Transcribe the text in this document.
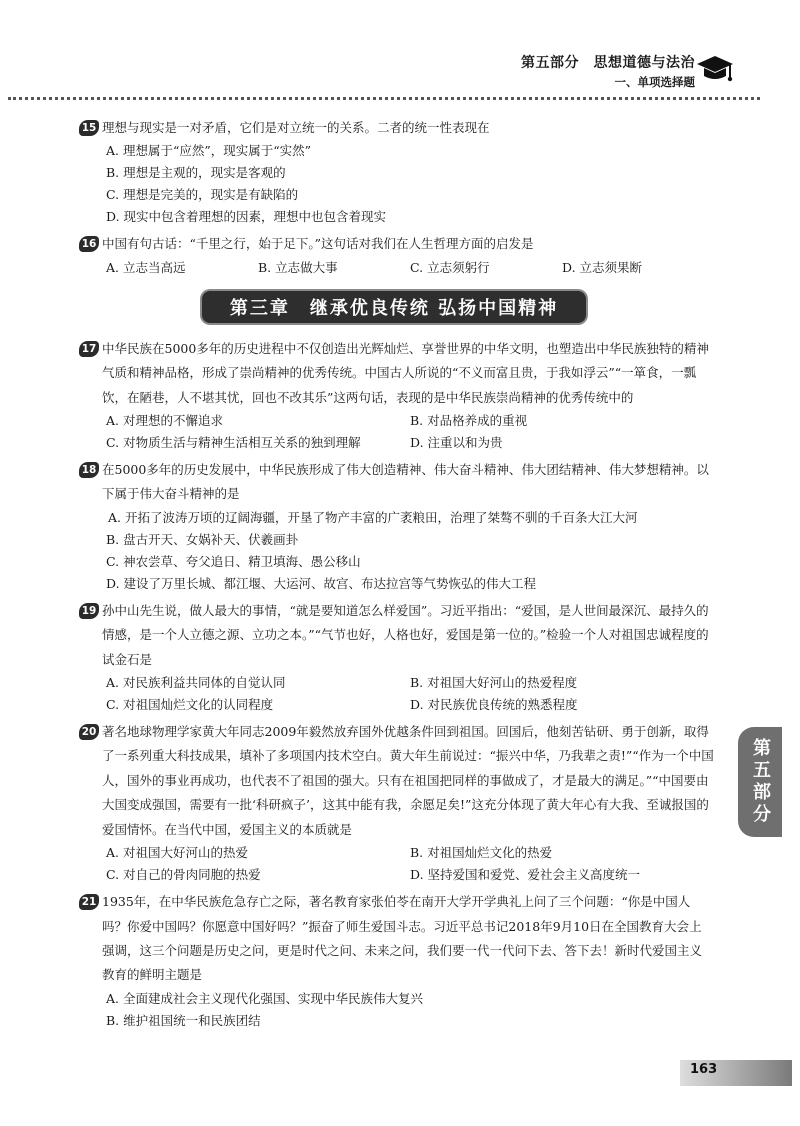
第五部分　思想道德与法治
一、单项选择题
15 理想与现实是一对矛盾，它们是对立统一的关系。二者的统一性表现在
A. 理想属于“应然”，现实属于“实然”
B. 理想是主观的，现实是客观的
C. 理想是完美的，现实是有缺陷的
D. 现实中包含着理想的因素，理想中也包含着现实
16 中国有句古话：“千里之行，始于足下。”这句话对我们在人生哲理方面的启发是
A. 立志当高远	B. 立志做大事	C. 立志须躬行	D. 立志须果断
第三章　继承优良传统 弘扬中国精神
17 中华民族在5000多年的历史进程中不仅创造出光辉灿烂、享誉世界的中华文明，也塑造出中华民族独特的精神气质和精神品格，形成了崇尚精神的优秀传统。中国古人所说的“不义而富且贵，于我如浮云”“一箪食，一瓢饮，在陋巷，人不堪其忧，回也不改其乐”这两句话，表现的是中华民族崇尚精神的优秀传统中的
A. 对理想的不懈追求	B. 对品格养成的重视
C. 对物质生活与精神生活相互关系的独到理解	D. 注重以和为贵
18 在5000多年的历史发展中，中华民族形成了伟大创造精神、伟大奋斗精神、伟大团结精神、伟大梦想精神。以下属于伟大奋斗精神的是
A. 开拓了波涛万顷的辽阔海疆，开垦了物产丰富的广袤粮田，治理了桀骜不驯的千百条大江大河
B. 盘古开天、女娲补天、伏羲画卦
C. 神农尝草、夸父追日、精卫填海、愚公移山
D. 建设了万里长城、都江堰、大运河、故宫、布达拉宫等气势恢弘的伟大工程
19 孙中山先生说，做人最大的事情，“就是要知道怎么样爱国”。习近平指出：“爱国，是人世间最深沉、最持久的情感，是一个人立德之源、立功之本。”“气节也好，人格也好，爱国是第一位的。”检验一个人对祖国忠诚程度的试金石是
A. 对民族利益共同体的自觉认同	B. 对祖国大好河山的热爱程度
C. 对祖国灿烂文化的认同程度	D. 对民族优良传统的熟悉程度
20 著名地球物理学家黄大年同志2009年毅然放弃国外优越条件回到祖国。回国后，他刻苦钻研、勇于创新，取得了一系列重大科技成果，填补了多项国内技术空白。黄大年生前说过：“振兴中华，乃我辈之责!”“作为一个中国人，国外的事业再成功，也代表不了祖国的强大。只有在祖国把同样的事做成了，才是最大的满足。”“中国要由大国变成强国，需要有一批‘科研疯子’，这其中能有我，余愿足矣!”这充分体现了黄大年心有大我、至诚报国的爱国情怀。在当代中国，爱国主义的本质就是
A. 对祖国大好河山的热爱	B. 对祖国灿烂文化的热爱
C. 对自己的骨肉同胞的热爱	D. 坚持爱国和爱党、爱社会主义高度统一
21 1935年，在中华民族危急存亡之际，著名教育家张伯苓在南开大学开学典礼上问了三个问题：“你是中国人吗？你爱中国吗？你愿意中国好吗？”振奋了师生爱国斗志。习近平总书记2018年9月10日在全国教育大会上强调，这三个问题是历史之问，更是时代之问、未来之问，我们要一代一代问下去、答下去！新时代爱国主义教育的鲜明主题是
A. 全面建成社会主义现代化强国、实现中华民族伟大复兴
B. 维护祖国统一和民族团结
第五部分
163
